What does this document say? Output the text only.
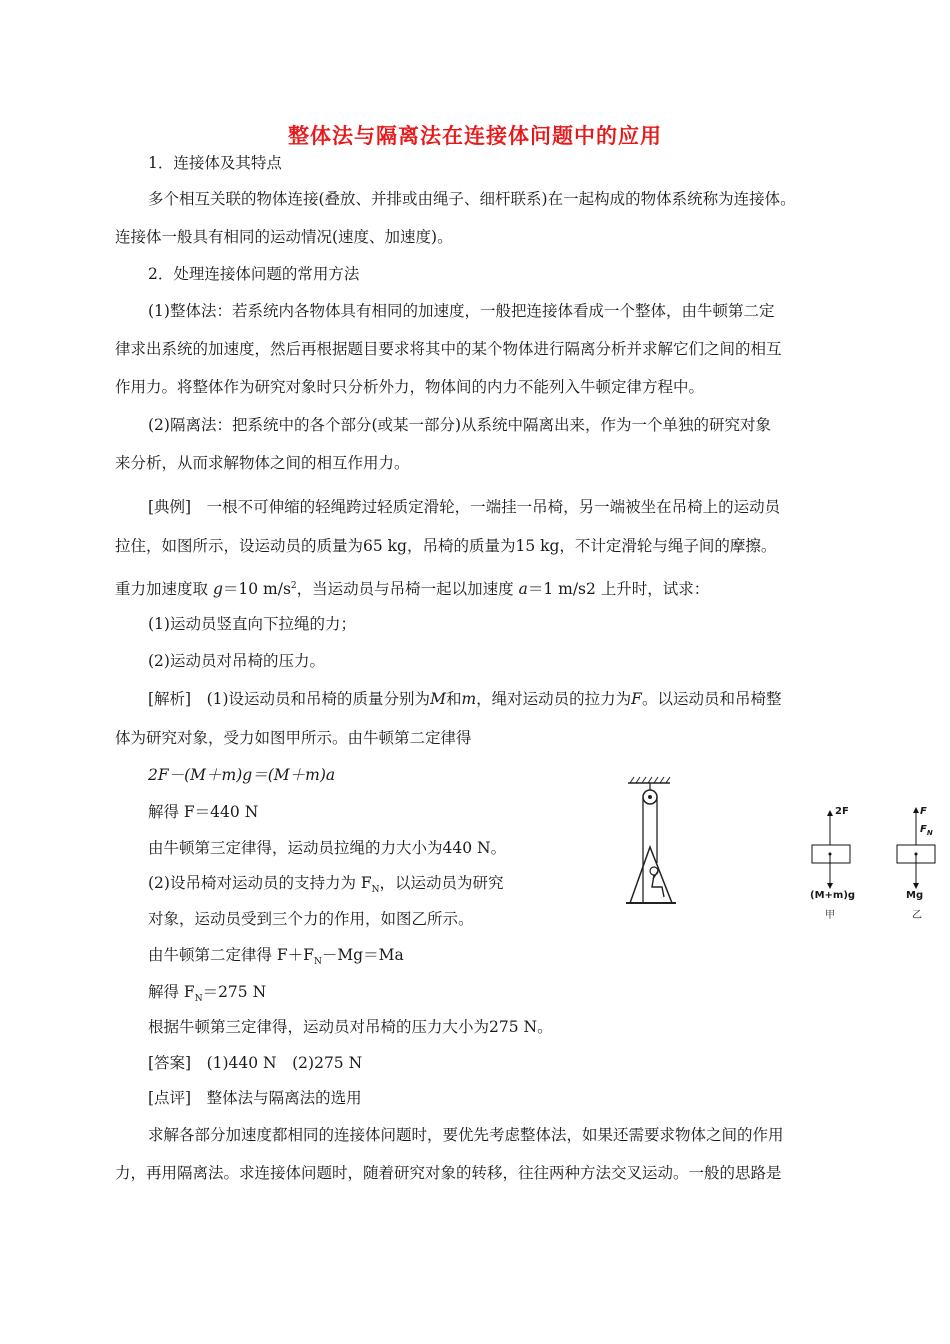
整体法与隔离法在连接体问题中的应用
1．连接体及其特点
多个相互关联的物体连接(叠放、并排或由绳子、细杆联系)在一起构成的物体系统称为连接体。
连接体一般具有相同的运动情况(速度、加速度)。
2．处理连接体问题的常用方法
(1)整体法：若系统内各物体具有相同的加速度，一般把连接体看成一个整体，由牛顿第二定
律求出系统的加速度，然后再根据题目要求将其中的某个物体进行隔离分析并求解它们之间的相互
作用力。将整体作为研究对象时只分析外力，物体间的内力不能列入牛顿定律方程中。
(2)隔离法：把系统中的各个部分(或某一部分)从系统中隔离出来，作为一个单独的研究对象
来分析，从而求解物体之间的相互作用力。
[典例]　一根不可伸缩的轻绳跨过轻质定滑轮，一端挂一吊椅，另一端被坐在吊椅上的运动员
拉住，如图所示，设运动员的质量为65 kg，吊椅的质量为15 kg，不计定滑轮与绳子间的摩擦。
重力加速度取 g＝10 $m/s^2$，当运动员与吊椅一起以加速度 a＝1 m/s2 上升时，试求：
(1)运动员竖直向下拉绳的力；
(2)运动员对吊椅的压力。
[解析]　(1)设运动员和吊椅的质量分别为M和m，绳对运动员的拉力为F。以运动员和吊椅整
体为研究对象，受力如图甲所示。由牛顿第二定律得
2F－(M＋m)g＝(M＋m)a
解得 F＝440 N
由牛顿第三定律得，运动员拉绳的力大小为440 N。
(2)设吊椅对运动员的支持力为 $F_N$，以运动员为研究
对象，运动员受到三个力的作用，如图乙所示。
由牛顿第二定律得 $F+F_N-Mg=Ma$
解得 $F_N=275$ N
根据牛顿第三定律得，运动员对吊椅的压力大小为275 N。
[答案]　(1)440 N　(2)275 N
[点评]　整体法与隔离法的选用
求解各部分加速度都相同的连接体问题时，要优先考虑整体法，如果还需要求物体之间的作用
力，再用隔离法。求连接体问题时，随着研究对象的转移，往往两种方法交叉运动。一般的思路是
2F
(M+m)g
甲
F
$F_N$
Mg
乙
